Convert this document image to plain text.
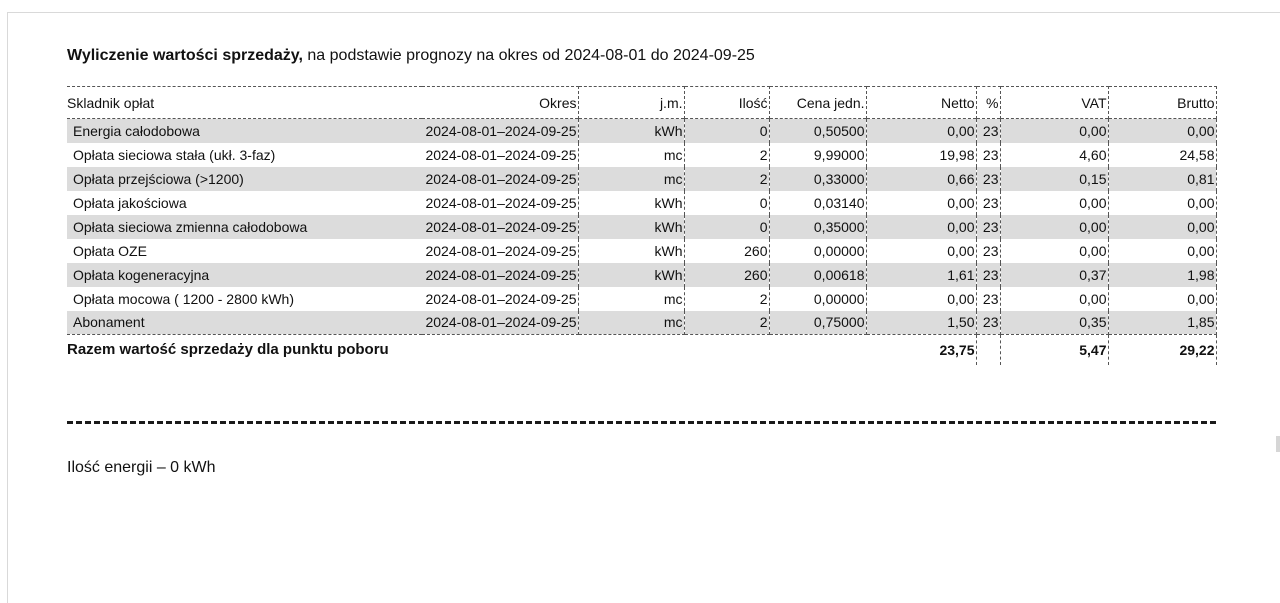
Wyliczenie wartości sprzedaży, na podstawie prognozy na okres od 2024-08-01 do 2024-09-25
Skladnik opłat	Okres	j.m.	Ilość	Cena jedn.	Netto	%	VAT	Brutto
Energia całodobowa	2024-08-01–2024-09-25	kWh	0	0,50500	0,00	23	0,00	0,00
Opłata sieciowa stała (ukł. 3-faz)	2024-08-01–2024-09-25	mc	2	9,99000	19,98	23	4,60	24,58
Opłata przejściowa (>1200)	2024-08-01–2024-09-25	mc	2	0,33000	0,66	23	0,15	0,81
Opłata jakościowa	2024-08-01–2024-09-25	kWh	0	0,03140	0,00	23	0,00	0,00
Opłata sieciowa zmienna całodobowa	2024-08-01–2024-09-25	kWh	0	0,35000	0,00	23	0,00	0,00
Opłata OZE	2024-08-01–2024-09-25	kWh	260	0,00000	0,00	23	0,00	0,00
Opłata kogeneracyjna	2024-08-01–2024-09-25	kWh	260	0,00618	1,61	23	0,37	1,98
Opłata mocowa ( 1200 - 2800 kWh)	2024-08-01–2024-09-25	mc	2	0,00000	0,00	23	0,00	0,00
Abonament	2024-08-01–2024-09-25	mc	2	0,75000	1,50	23	0,35	1,85
Razem wartość sprzedaży dla punktu poboru					23,75		5,47	29,22
Ilość energii – 0 kWh
